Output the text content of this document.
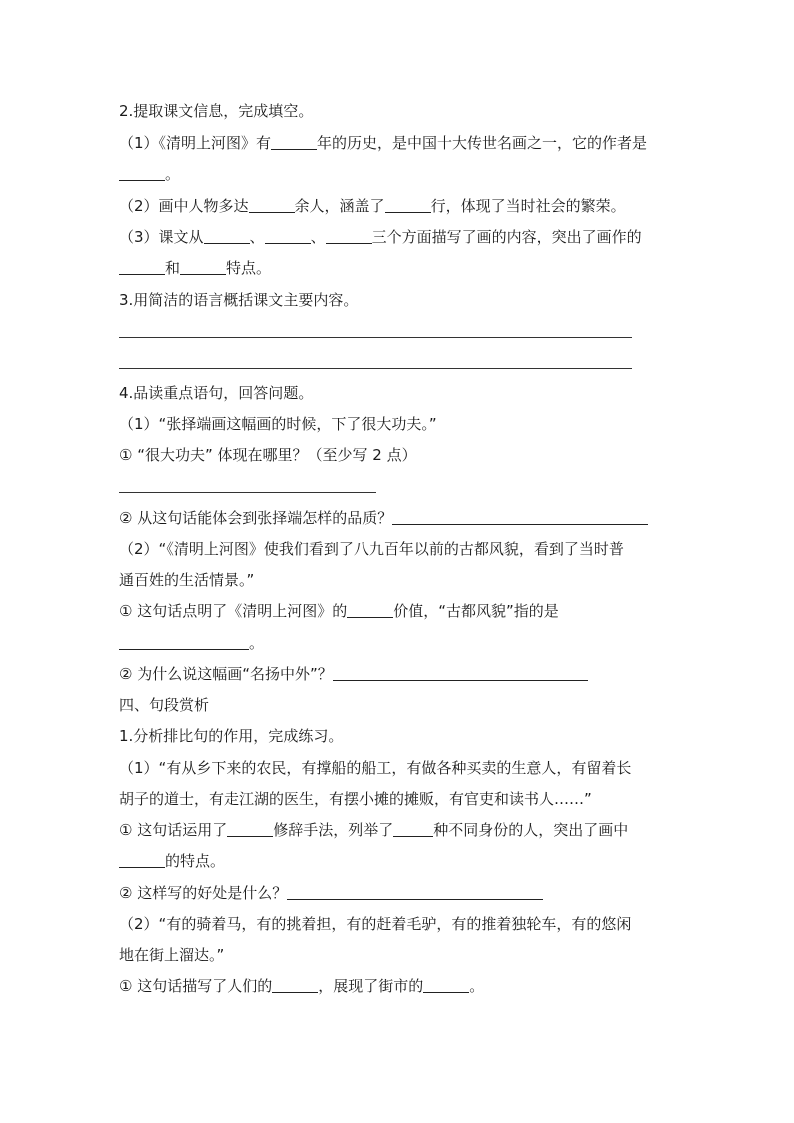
2.提取课文信息，完成填空。
（1）《清明上河图》有	年的历史，是中国十大传世名画之一，它的作者是
。
（2）画中人物多达	余人，涵盖了	行，体现了当时社会的繁荣。
（3）课文从	、	、	三个方面描写了画的内容，突出了画作的
和	特点。
3.用简洁的语言概括课文主要内容。
4.品读重点语句，回答问题。
（1）“张择端画这幅画的时候，下了很大功夫。”
① “很大功夫” 体现在哪里？（至少写 2 点）
② 从这句话能体会到张择端怎样的品质？
（2）“《清明上河图》使我们看到了八九百年以前的古都风貌，看到了当时普
通百姓的生活情景。”
① 这句话点明了《清明上河图》的	价值，“古都风貌”指的是
。
② 为什么说这幅画“名扬中外”？
四、句段赏析
1.分析排比句的作用，完成练习。
（1）“有从乡下来的农民，有撑船的船工，有做各种买卖的生意人，有留着长
胡子的道士，有走江湖的医生，有摆小摊的摊贩，有官吏和读书人……”
① 这句话运用了	修辞手法，列举了	种不同身份的人，突出了画中
的特点。
② 这样写的好处是什么？
（2）“有的骑着马，有的挑着担，有的赶着毛驴，有的推着独轮车，有的悠闲
地在街上溜达。”
① 这句话描写了人们的	，展现了街市的	。
